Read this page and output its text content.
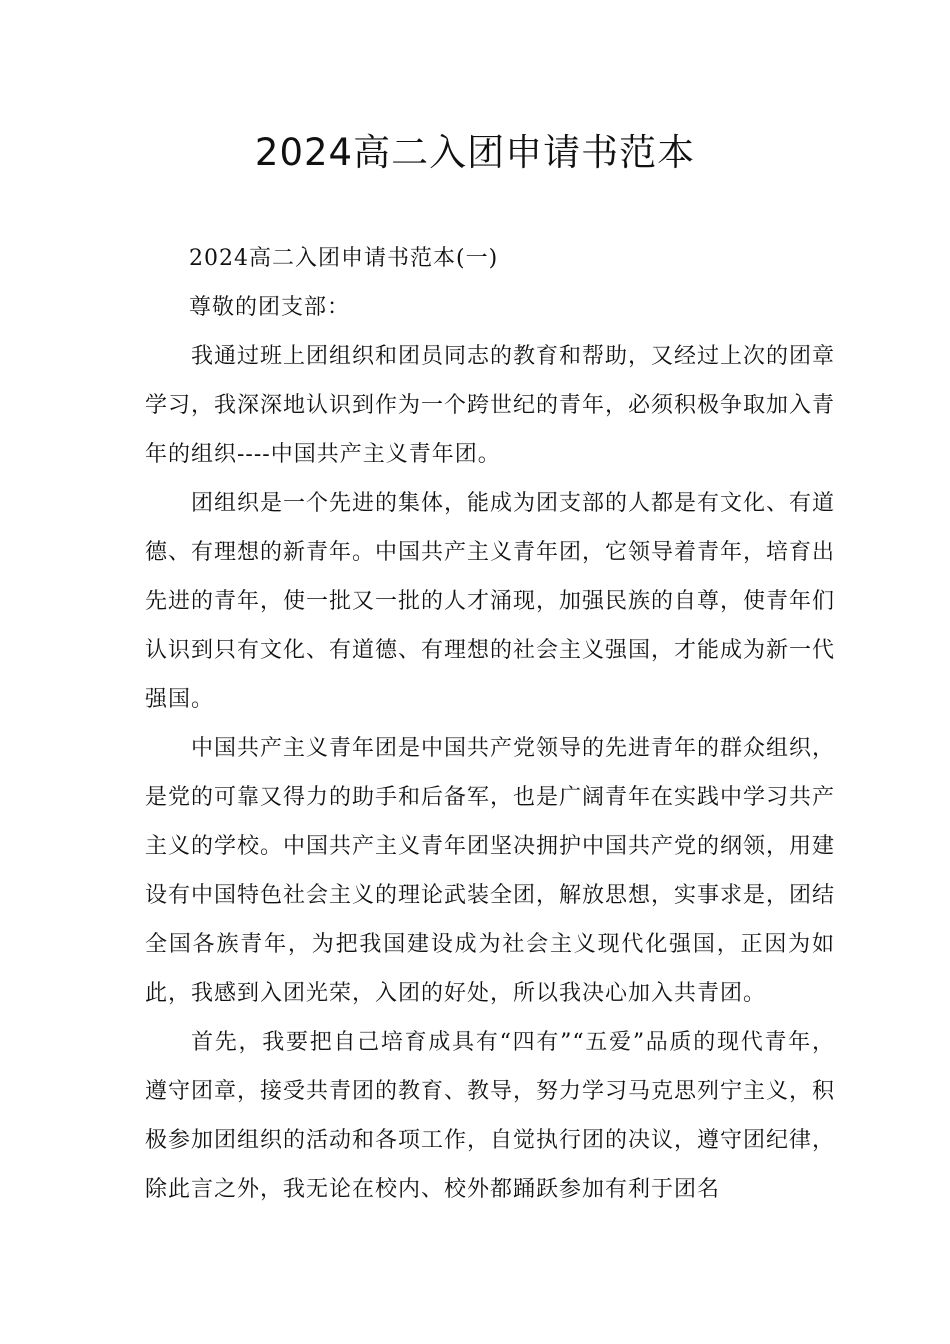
2024高二入团申请书范本

2024高二入团申请书范本(一)

尊敬的团支部：

我通过班上团组织和团员同志的教育和帮助，又经过上次的团章学习，我深深地认识到作为一个跨世纪的青年，必须积极争取加入青年的组织----中国共产主义青年团。

团组织是一个先进的集体，能成为团支部的人都是有文化、有道德、有理想的新青年。中国共产主义青年团，它领导着青年，培育出先进的青年，使一批又一批的人才涌现，加强民族的自尊，使青年们认识到只有文化、有道德、有理想的社会主义强国，才能成为新一代强国。

中国共产主义青年团是中国共产党领导的先进青年的群众组织，是党的可靠又得力的助手和后备军，也是广阔青年在实践中学习共产主义的学校。中国共产主义青年团坚决拥护中国共产党的纲领，用建设有中国特色社会主义的理论武装全团，解放思想，实事求是，团结全国各族青年，为把我国建设成为社会主义现代化强国，正因为如此，我感到入团光荣，入团的好处，所以我决心加入共青团。

首先，我要把自己培育成具有“四有”“五爱”品质的现代青年，遵守团章，接受共青团的教育、教导，努力学习马克思列宁主义，积极参加团组织的活动和各项工作，自觉执行团的决议，遵守团纪律，除此言之外，我无论在校内、校外都踊跃参加有利于团名
